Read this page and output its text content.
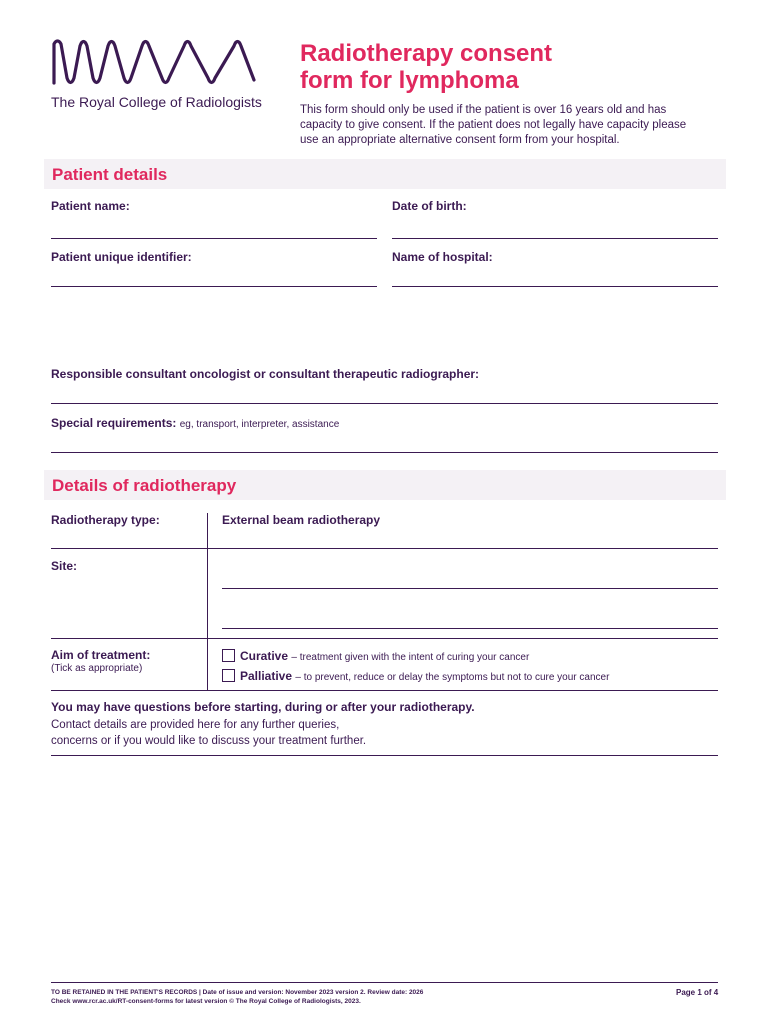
The Royal College of Radiologists
Radiotherapy consent
form for lymphoma
This form should only be used if the patient is over 16 years old and has capacity to give consent. If the patient does not legally have capacity please use an appropriate alternative consent form from your hospital.
Patient details
Patient name:	Date of birth:
Patient unique identifier:	Name of hospital:
Responsible consultant oncologist or consultant therapeutic radiographer:
Special requirements: eg, transport, interpreter, assistance
Details of radiotherapy
Radiotherapy type:	External beam radiotherapy
Site:
Aim of treatment:
(Tick as appropriate)
Curative – treatment given with the intent of curing your cancer
Palliative – to prevent, reduce or delay the symptoms but not to cure your cancer
You may have questions before starting, during or after your radiotherapy.
Contact details are provided here for any further queries,
concerns or if you would like to discuss your treatment further.
TO BE RETAINED IN THE PATIENT'S RECORDS | Date of issue and version: November 2023 version 2. Review date: 2026
Check www.rcr.ac.uk/RT-consent-forms for latest version © The Royal College of Radiologists, 2023.
Page 1 of 4
